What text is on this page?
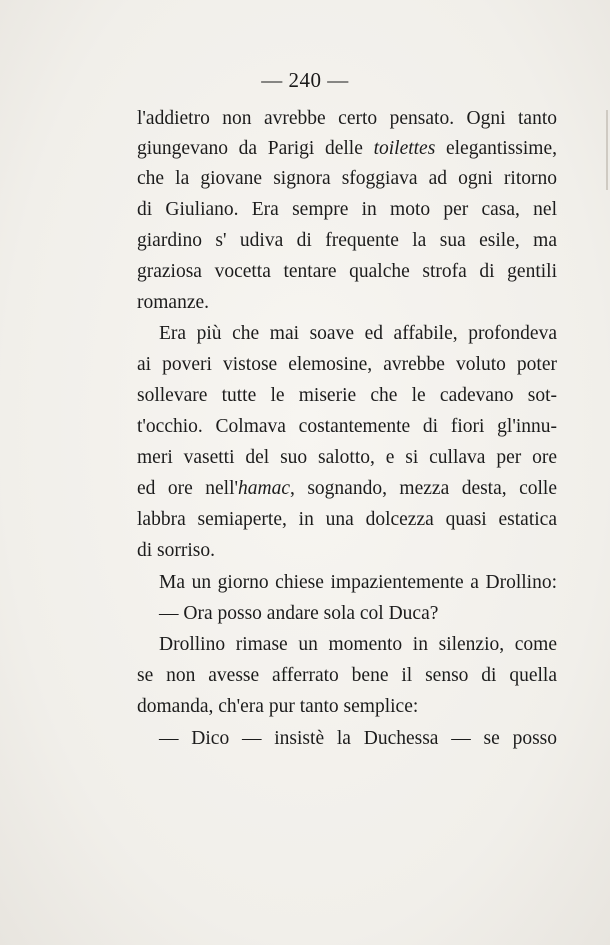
— 240 —
l'addietro non avrebbe certo pensato. Ogni tanto
giungevano da Parigi delle toilettes elegantissime,
che la giovane signora sfoggiava ad ogni ritorno
di Giuliano. Era sempre in moto per casa, nel
giardino s' udiva di frequente la sua esile, ma
graziosa vocetta tentare qualche strofa di gentili
romanze.
Era più che mai soave ed affabile, profondeva
ai poveri vistose elemosine, avrebbe voluto poter
sollevare tutte le miserie che le cadevano sot-
t'occhio. Colmava costantemente di fiori gl'innu-
meri vasetti del suo salotto, e si cullava per ore
ed ore nell'hamac, sognando, mezza desta, colle
labbra semiaperte, in una dolcezza quasi estatica
di sorriso.
Ma un giorno chiese impazientemente a Drollino:
— Ora posso andare sola col Duca?
Drollino rimase un momento in silenzio, come
se non avesse afferrato bene il senso di quella
domanda, ch'era pur tanto semplice:
— Dico — insistè la Duchessa — se posso
